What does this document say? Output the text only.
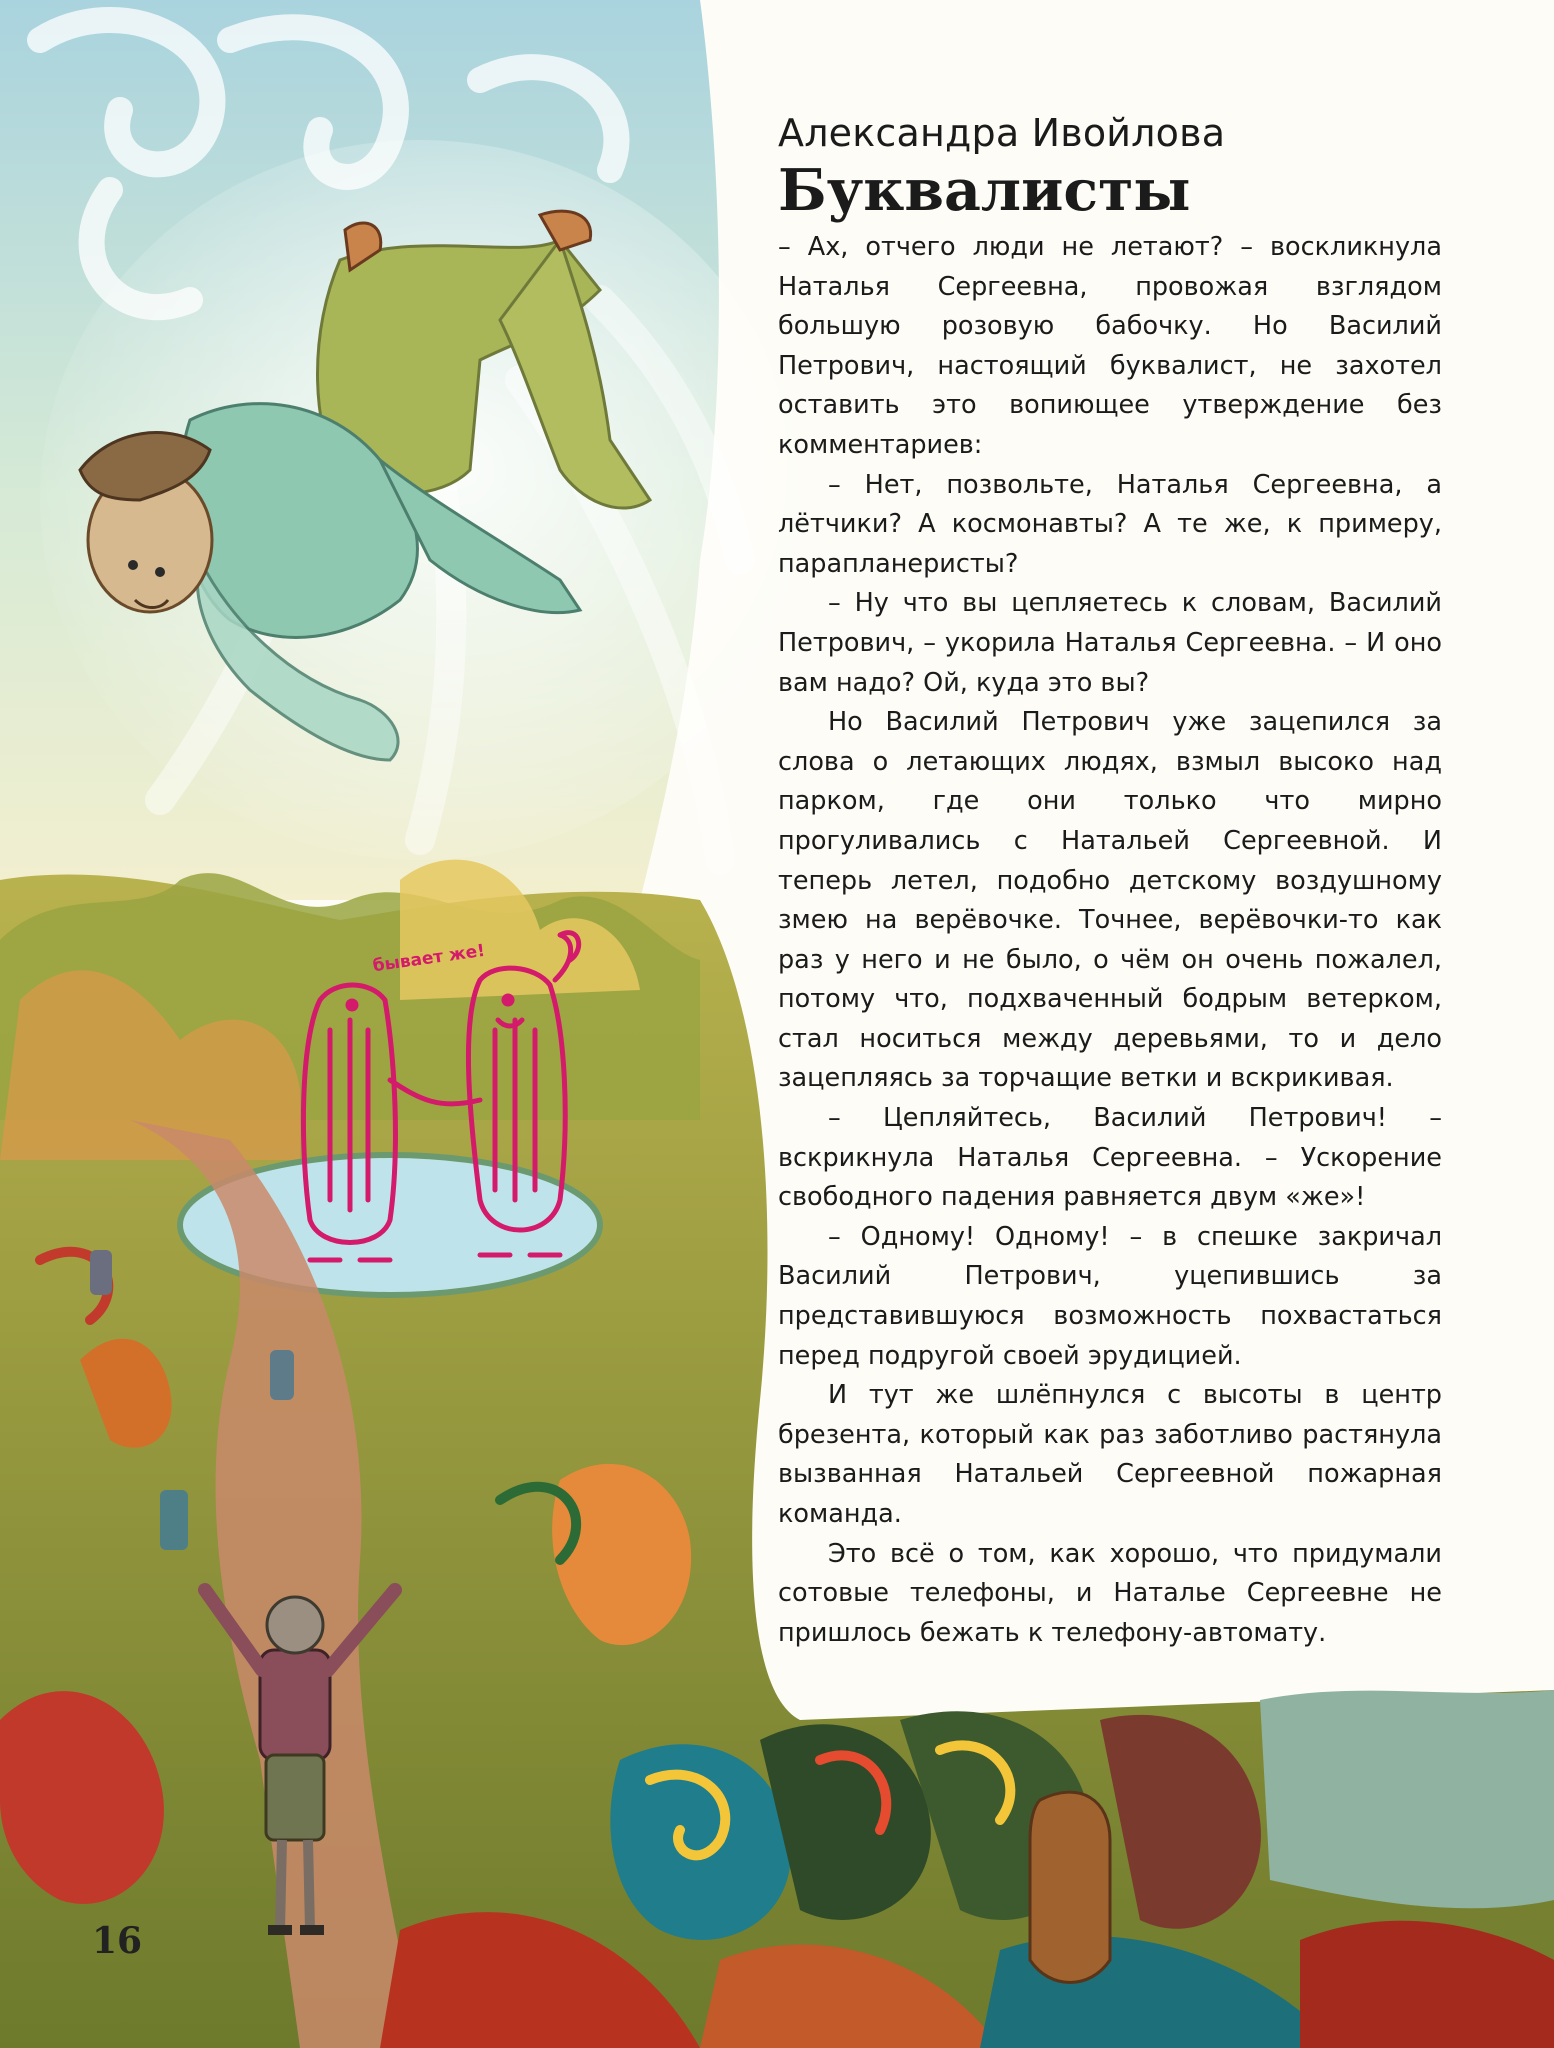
бывает же!

Александра Ивойлова

Буквалисты

– Ах, отчего люди не летают? – воскликнула Наталья Сергеевна, провожая взглядом большую розовую бабочку. Но Василий Петрович, настоящий буквалист, не захотел оставить это вопиющее утверждение без комментариев:

– Нет, позвольте, Наталья Сергеевна, а лётчики? А космонавты? А те же, к примеру, парапланеристы?

– Ну что вы цепляетесь к словам, Василий Петрович, – укорила Наталья Сергеевна. – И оно вам надо? Ой, куда это вы?

Но Василий Петрович уже зацепился за слова о летающих людях, взмыл высоко над парком, где они только что мирно прогуливались с Натальей Сергеевной. И теперь летел, подобно детскому воздушному змею на верёвочке. Точнее, верёвочки-то как раз у него и не было, о чём он очень пожалел, потому что, подхваченный бодрым ветерком, стал носиться между деревьями, то и дело зацепляясь за торчащие ветки и вскрикивая.

– Цепляйтесь, Василий Петрович! – вскрикнула Наталья Сергеевна. – Ускорение свободного падения равняется двум «же»!

– Одному! Одному! – в спешке закричал Василий Петрович, уцепившись за представившуюся возможность похвастаться перед подругой своей эрудицией.

И тут же шлёпнулся с высоты в центр брезента, который как раз заботливо растянула вызванная Натальей Сергеевной пожарная команда.

Это всё о том, как хорошо, что придумали сотовые телефоны, и Наталье Сергеевне не пришлось бежать к телефону-автомату.

16
